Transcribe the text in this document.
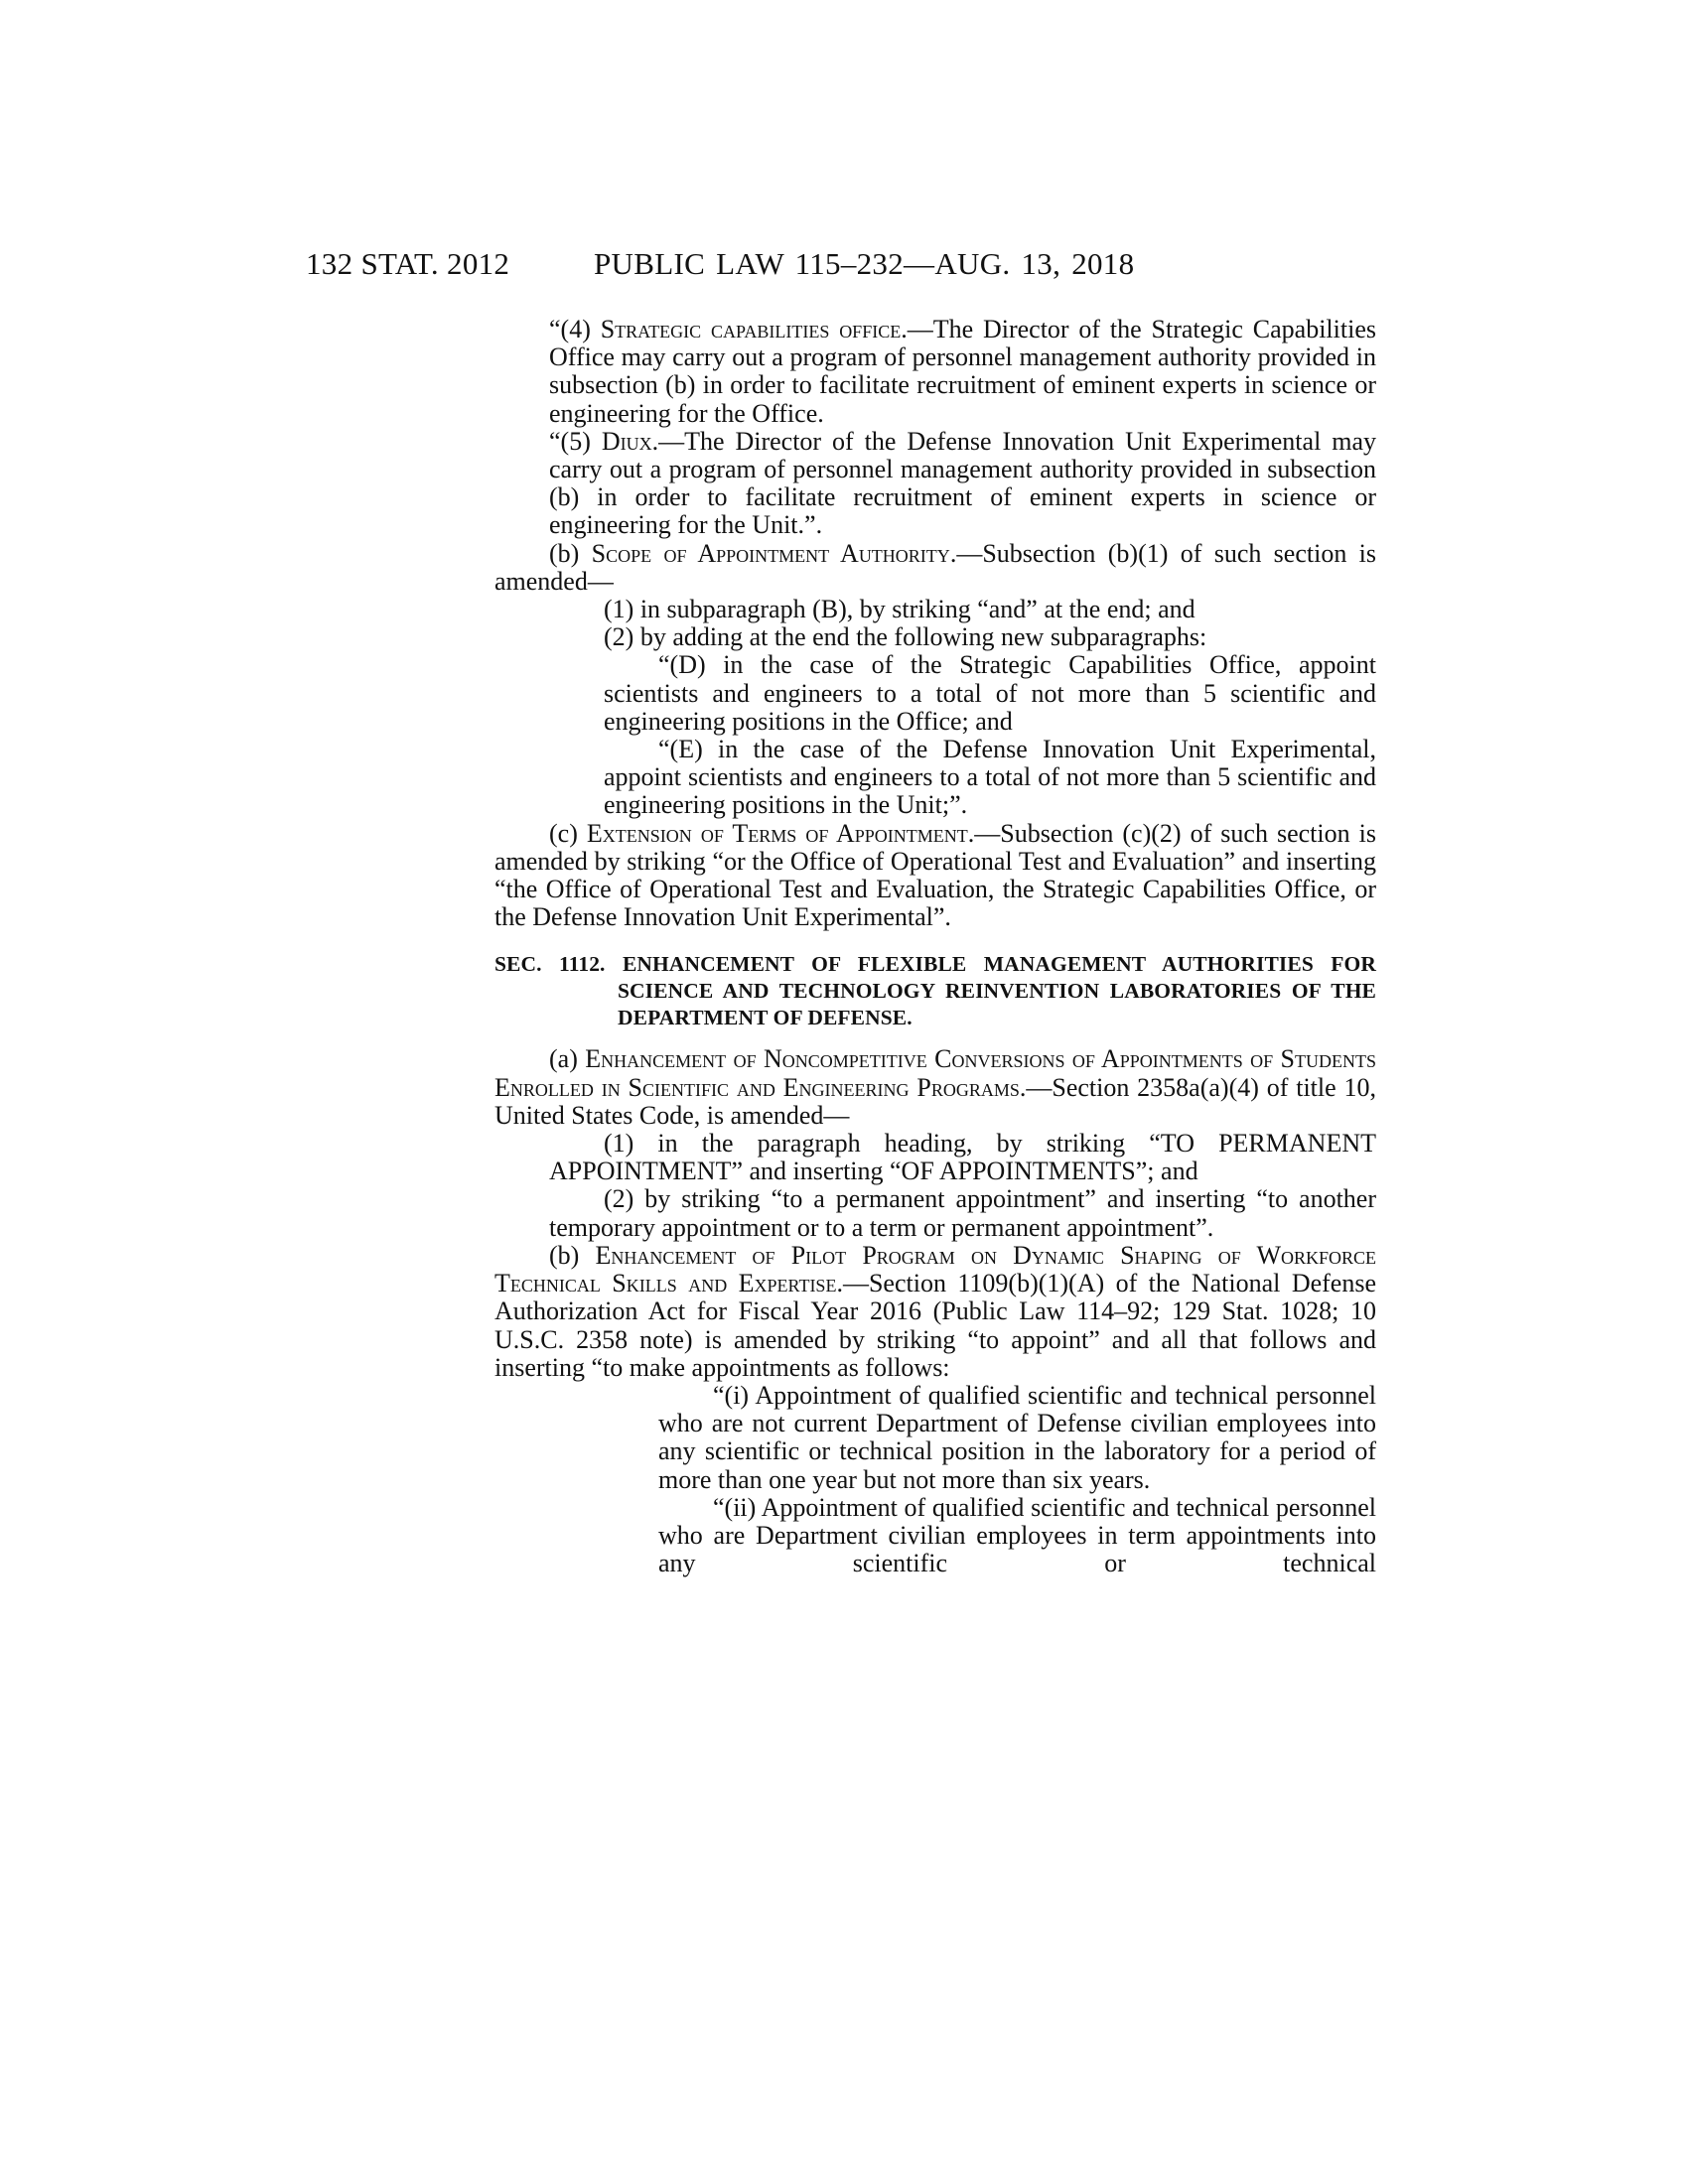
132 STAT. 2012	PUBLIC LAW 115–232—AUG. 13, 2018

“(4) Strategic capabilities office.—The Director of the Strategic Capabilities Office may carry out a program of personnel management authority provided in subsection (b) in order to facilitate recruitment of eminent experts in science or engineering for the Office.

“(5) Diux.—The Director of the Defense Innovation Unit Experimental may carry out a program of personnel management authority provided in subsection (b) in order to facilitate recruitment of eminent experts in science or engineering for the Unit.”.

(b) Scope of Appointment Authority.—Subsection (b)(1) of such section is amended—

(1) in subparagraph (B), by striking “and” at the end; and

(2) by adding at the end the following new subparagraphs:

“(D) in the case of the Strategic Capabilities Office, appoint scientists and engineers to a total of not more than 5 scientific and engineering positions in the Office; and

“(E) in the case of the Defense Innovation Unit Experimental, appoint scientists and engineers to a total of not more than 5 scientific and engineering positions in the Unit;”.

(c) Extension of Terms of Appointment.—Subsection (c)(2) of such section is amended by striking “or the Office of Operational Test and Evaluation” and inserting “the Office of Operational Test and Evaluation, the Strategic Capabilities Office, or the Defense Innovation Unit Experimental”.

SEC. 1112. ENHANCEMENT OF FLEXIBLE MANAGEMENT AUTHORITIES FOR SCIENCE AND TECHNOLOGY REINVENTION LABORATORIES OF THE DEPARTMENT OF DEFENSE.

(a) Enhancement of Noncompetitive Conversions of Appointments of Students Enrolled in Scientific and Engineering Programs.—Section 2358a(a)(4) of title 10, United States Code, is amended—

(1) in the paragraph heading, by striking “TO PERMANENT APPOINTMENT” and inserting “OF APPOINTMENTS”; and

(2) by striking “to a permanent appointment” and inserting “to another temporary appointment or to a term or permanent appointment”.

(b) Enhancement of Pilot Program on Dynamic Shaping of Workforce Technical Skills and Expertise.—Section 1109(b)(1)(A) of the National Defense Authorization Act for Fiscal Year 2016 (Public Law 114–92; 129 Stat. 1028; 10 U.S.C. 2358 note) is amended by striking “to appoint” and all that follows and inserting “to make appointments as follows:

“(i) Appointment of qualified scientific and technical personnel who are not current Department of Defense civilian employees into any scientific or technical position in the laboratory for a period of more than one year but not more than six years.

“(ii) Appointment of qualified scientific and technical personnel who are Department civilian employees in term appointments into any scientific or technical
